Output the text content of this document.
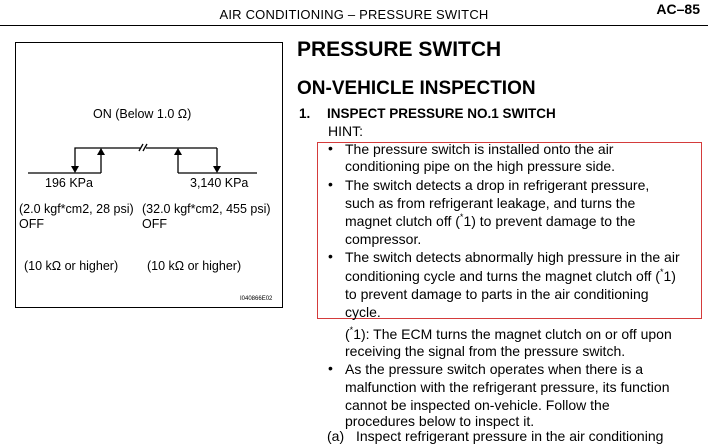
AIR CONDITIONING – PRESSURE SWITCH	AC–85
ON (Below 1.0 Ω)
196 KPa	3,140 KPa
(2.0 kgf*cm2, 28 psi) (32.0 kgf*cm2, 455 psi)
OFF	OFF
(10 kΩ or higher) (10 kΩ or higher)
I040866E02
PRESSURE SWITCH
ON-VEHICLE INSPECTION
1. INSPECT PRESSURE NO.1 SWITCH
HINT:
• The pressure switch is installed onto the air
conditioning pipe on the high pressure side.
• The switch detects a drop in refrigerant pressure,
such as from refrigerant leakage, and turns the
magnet clutch off (*1) to prevent damage to the
compressor.
• The switch detects abnormally high pressure in the air
conditioning cycle and turns the magnet clutch off (*1)
to prevent damage to parts in the air conditioning
cycle.
(*1): The ECM turns the magnet clutch on or off upon
receiving the signal from the pressure switch.
• As the pressure switch operates when there is a
malfunction with the refrigerant pressure, its function
cannot be inspected on-vehicle. Follow the
procedures below to inspect it.
(a) Inspect refrigerant pressure in the air conditioning
